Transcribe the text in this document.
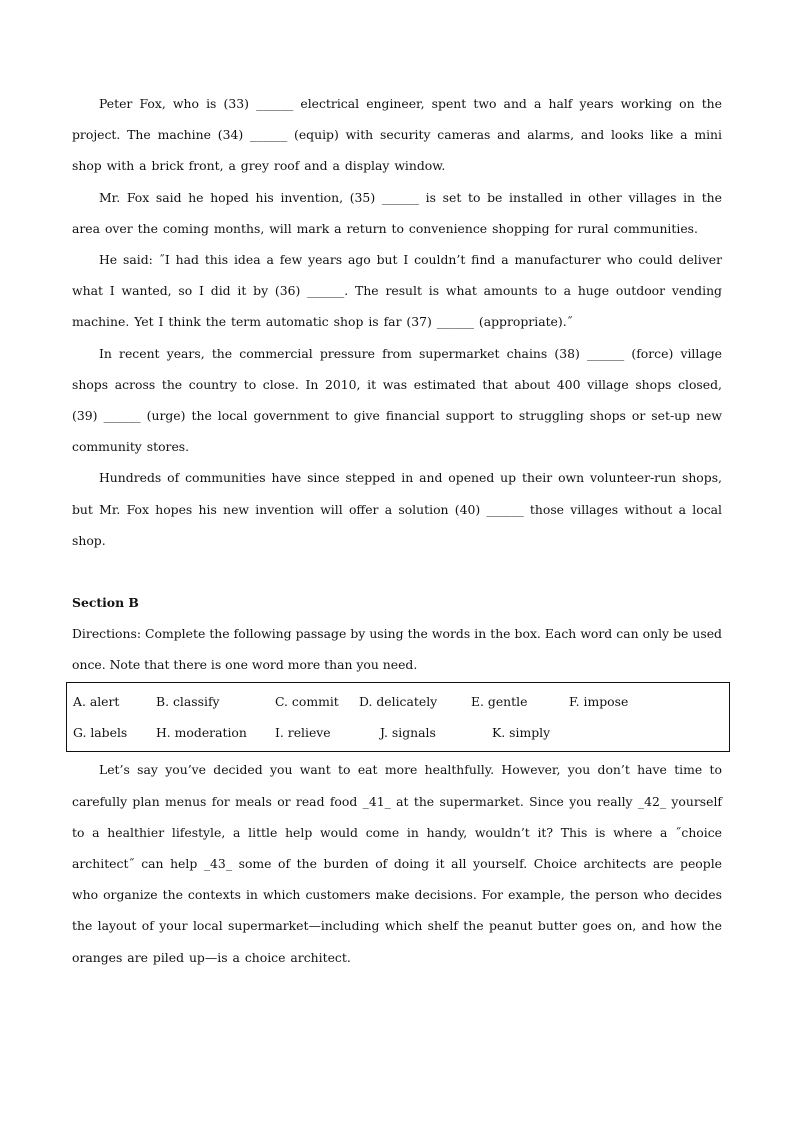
Peter Fox, who is (33) ______ electrical engineer, spent two and a half years working on the project. The machine (34) ______ (equip) with security cameras and alarms, and looks like a mini shop with a brick front, a grey roof and a display window.

Mr. Fox said he hoped his invention, (35) ______ is set to be installed in other villages in the area over the coming months, will mark a return to convenience shopping for rural communities.

He said: ˝I had this idea a few years ago but I couldn’t find a manufacturer who could deliver what I wanted, so I did it by (36) ______. The result is what amounts to a huge outdoor vending machine. Yet I think the term automatic shop is far (37) ______ (appropriate).˝

In recent years, the commercial pressure from supermarket chains (38) ______ (force) village shops across the country to close. In 2010, it was estimated that about 400 village shops closed, (39) ______ (urge) the local government to give financial support to struggling shops or set-up new community stores.

Hundreds of communities have since stepped in and opened up their own volunteer-run shops, but Mr. Fox hopes his new invention will offer a solution (40) ______ those villages without a local shop.

Section B

Directions: Complete the following passage by using the words in the box. Each word can only be used once. Note that there is one word more than you need.

A. alert	B. classify	C. commit	D. delicately	E. gentle	F. impose
G. labels	H. moderation	I. relieve	J. signals	K. simply

Let’s say you’ve decided you want to eat more healthfully. However, you don’t have time to carefully plan menus for meals or read food _41_ at the supermarket. Since you really _42_ yourself to a healthier lifestyle, a little help would come in handy, wouldn’t it? This is where a ˝choice architect˝ can help _43_ some of the burden of doing it all yourself. Choice architects are people who organize the contexts in which customers make decisions. For example, the person who decides the layout of your local supermarket—including which shelf the peanut butter goes on, and how the oranges are piled up—is a choice architect.
